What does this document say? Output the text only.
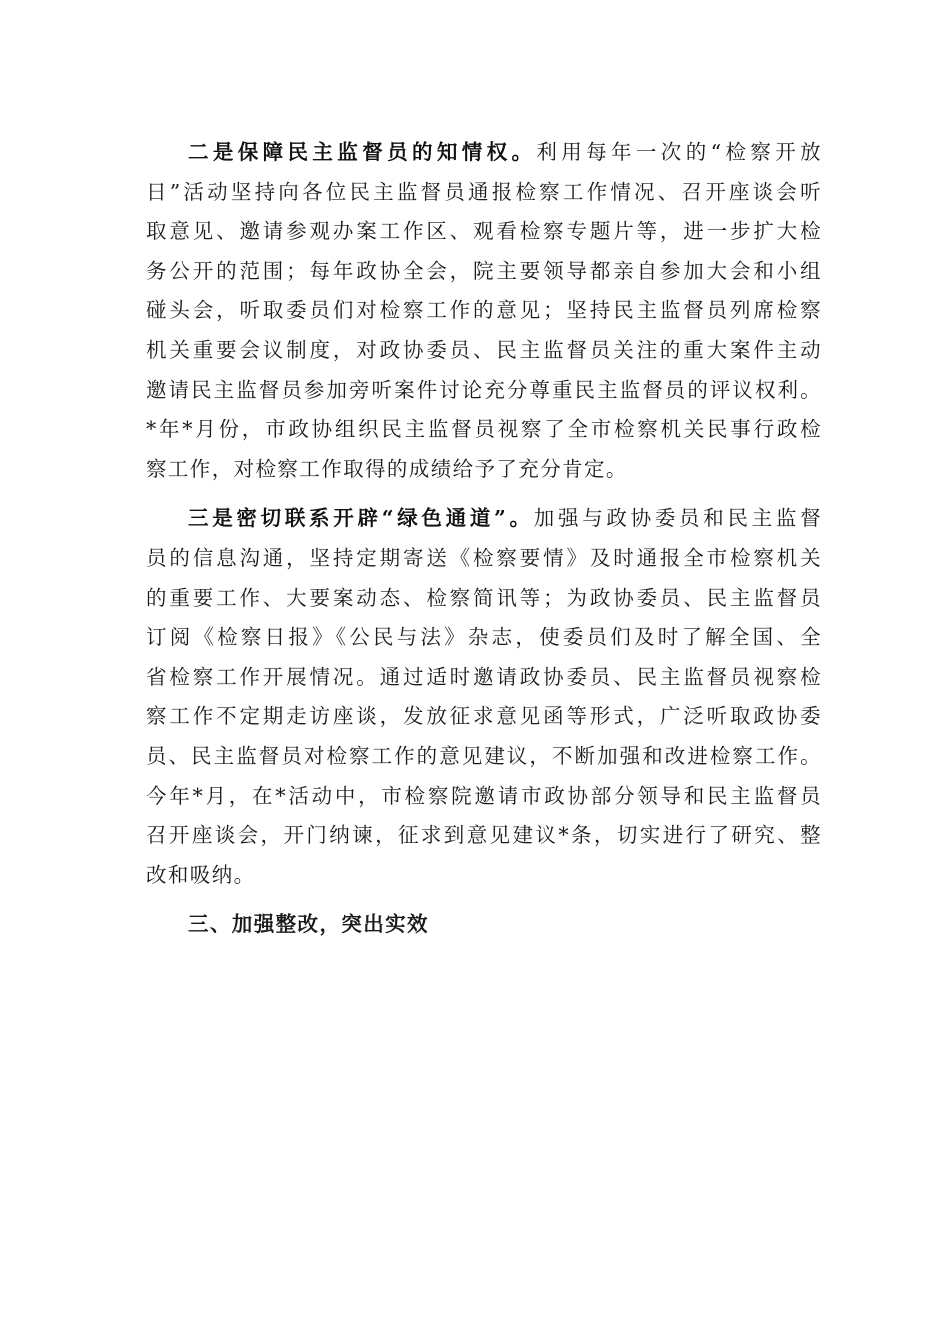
二是保障民主监督员的知情权。利用每年一次的“检察开放
日”活动坚持向各位民主监督员通报检察工作情况、召开座谈会听
取意见、邀请参观办案工作区、观看检察专题片等，进一步扩大检
务公开的范围；每年政协全会，院主要领导都亲自参加大会和小组
碰头会，听取委员们对检察工作的意见；坚持民主监督员列席检察
机关重要会议制度，对政协委员、民主监督员关注的重大案件主动
邀请民主监督员参加旁听案件讨论充分尊重民主监督员的评议权利。
*年*月份，市政协组织民主监督员视察了全市检察机关民事行政检
察工作，对检察工作取得的成绩给予了充分肯定。

三是密切联系开辟“绿色通道”。加强与政协委员和民主监督
员的信息沟通，坚持定期寄送《检察要情》及时通报全市检察机关
的重要工作、大要案动态、检察简讯等；为政协委员、民主监督员
订阅《检察日报》《公民与法》杂志，使委员们及时了解全国、全
省检察工作开展情况。通过适时邀请政协委员、民主监督员视察检
察工作不定期走访座谈，发放征求意见函等形式，广泛听取政协委
员、民主监督员对检察工作的意见建议，不断加强和改进检察工作。
今年*月，在*活动中，市检察院邀请市政协部分领导和民主监督员
召开座谈会，开门纳谏，征求到意见建议*条，切实进行了研究、整
改和吸纳。

三、加强整改，突出实效
